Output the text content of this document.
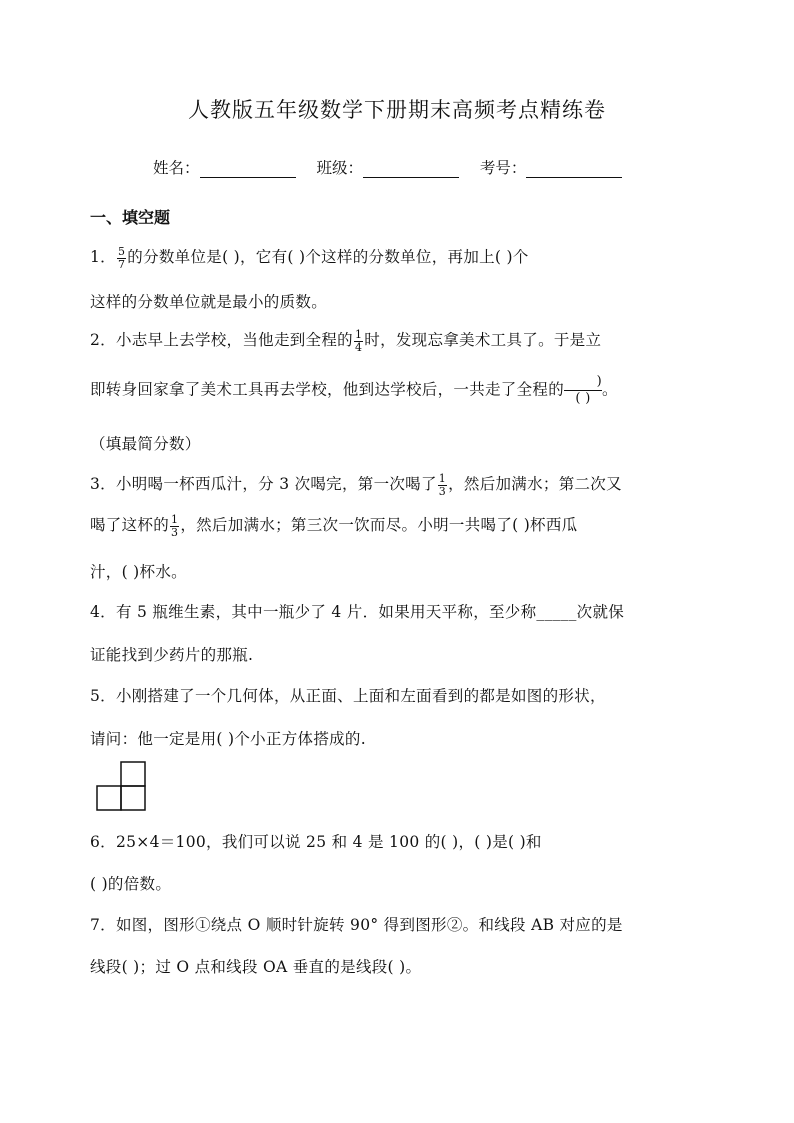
人教版五年级数学下册期末高频考点精练卷
姓名：	班级：	考号：
一、填空题
1． $\frac{5}{7}$ 的分数单位是( )，它有( )个这样的分数单位，再加上( )个
这样的分数单位就是最小的质数。
2．小志早上去学校，当他走到全程的 $\frac{1}{4}$ 时，发现忘拿美术工具了。于是立
即转身回家拿了美术工具再去学校，他到达学校后，一共走了全程的	)
( ) 。
（填最简分数）
3．小明喝一杯西瓜汁，分 3 次喝完，第一次喝了 $\frac{1}{3}$ ，然后加满水；第二次又
喝了这杯的 $\frac{1}{3}$ ，然后加满水；第三次一饮而尽。小明一共喝了( )杯西瓜
汁，( )杯水。
4．有 5 瓶维生素，其中一瓶少了 4 片．如果用天平称，至少称_____次就保
证能找到少药片的那瓶.
5．小刚搭建了一个几何体，从正面、上面和左面看到的都是如图的形状，
请问：他一定是用( )个小正方体搭成的.
6．25×4＝100，我们可以说 25 和 4 是 100 的( )，( )是( )和
( )的倍数。
7．如图，图形①绕点 O 顺时针旋转 90° 得到图形②。和线段 AB 对应的是
线段( )；过 O 点和线段 OA 垂直的是线段( )。
